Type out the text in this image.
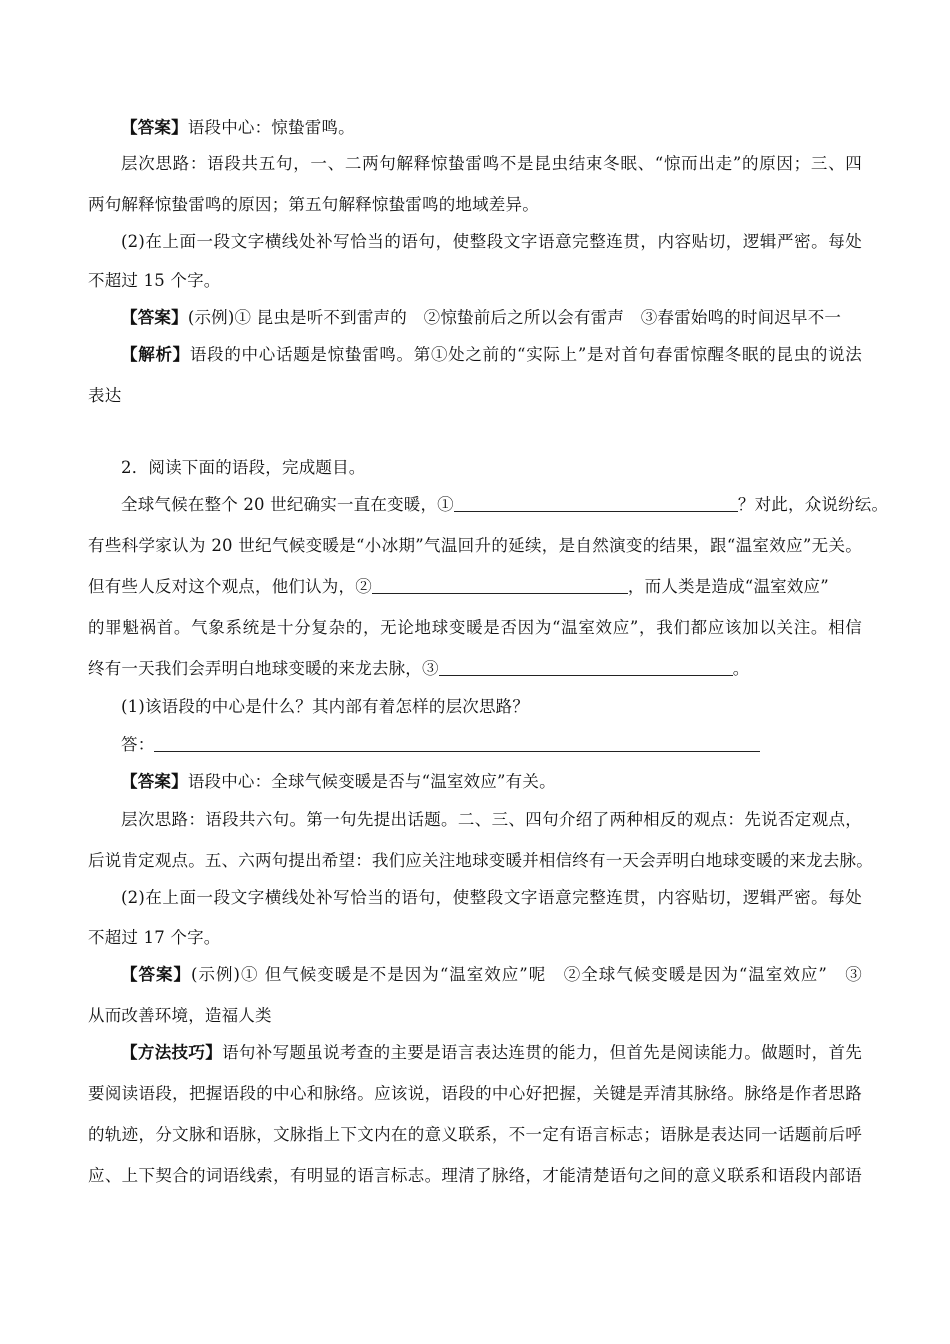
【答案】语段中心：惊蛰雷鸣。
层次思路：语段共五句，一、二两句解释惊蛰雷鸣不是昆虫结束冬眠、“惊而出走”的原因；三、四
两句解释惊蛰雷鸣的原因；第五句解释惊蛰雷鸣的地域差异。
(2)在上面一段文字横线处补写恰当的语句，使整段文字语意完整连贯，内容贴切，逻辑严密。每处
不超过 15 个字。
【答案】(示例)① 昆虫是听不到雷声的　②惊蛰前后之所以会有雷声　③春雷始鸣的时间迟早不一
【解析】语段的中心话题是惊蛰雷鸣。第①处之前的“实际上”是对首句春雷惊醒冬眠的昆虫的说法
表达
2．阅读下面的语段，完成题目。
全球气候在整个 20 世纪确实一直在变暖，①	？对此，众说纷纭。
有些科学家认为 20 世纪气候变暖是“小冰期”气温回升的延续，是自然演变的结果，跟“温室效应”无关。
但有些人反对这个观点，他们认为，②	，而人类是造成“温室效应”
的罪魁祸首。气象系统是十分复杂的，无论地球变暖是否因为“温室效应”，我们都应该加以关注。相信
终有一天我们会弄明白地球变暖的来龙去脉，③	。
(1)该语段的中心是什么？其内部有着怎样的层次思路？
答：
【答案】语段中心：全球气候变暖是否与“温室效应”有关。
层次思路：语段共六句。第一句先提出话题。二、三、四句介绍了两种相反的观点：先说否定观点，
后说肯定观点。五、六两句提出希望：我们应关注地球变暖并相信终有一天会弄明白地球变暖的来龙去脉。
(2)在上面一段文字横线处补写恰当的语句，使整段文字语意完整连贯，内容贴切，逻辑严密。每处
不超过 17 个字。
【答案】(示例)① 但气候变暖是不是因为“温室效应”呢　②全球气候变暖是因为“温室效应”　③
从而改善环境，造福人类
【方法技巧】语句补写题虽说考查的主要是语言表达连贯的能力，但首先是阅读能力。做题时，首先
要阅读语段，把握语段的中心和脉络。应该说，语段的中心好把握，关键是弄清其脉络。脉络是作者思路
的轨迹，分文脉和语脉，文脉指上下文内在的意义联系，不一定有语言标志；语脉是表达同一话题前后呼
应、上下契合的词语线索，有明显的语言标志。理清了脉络，才能清楚语句之间的意义联系和语段内部语
